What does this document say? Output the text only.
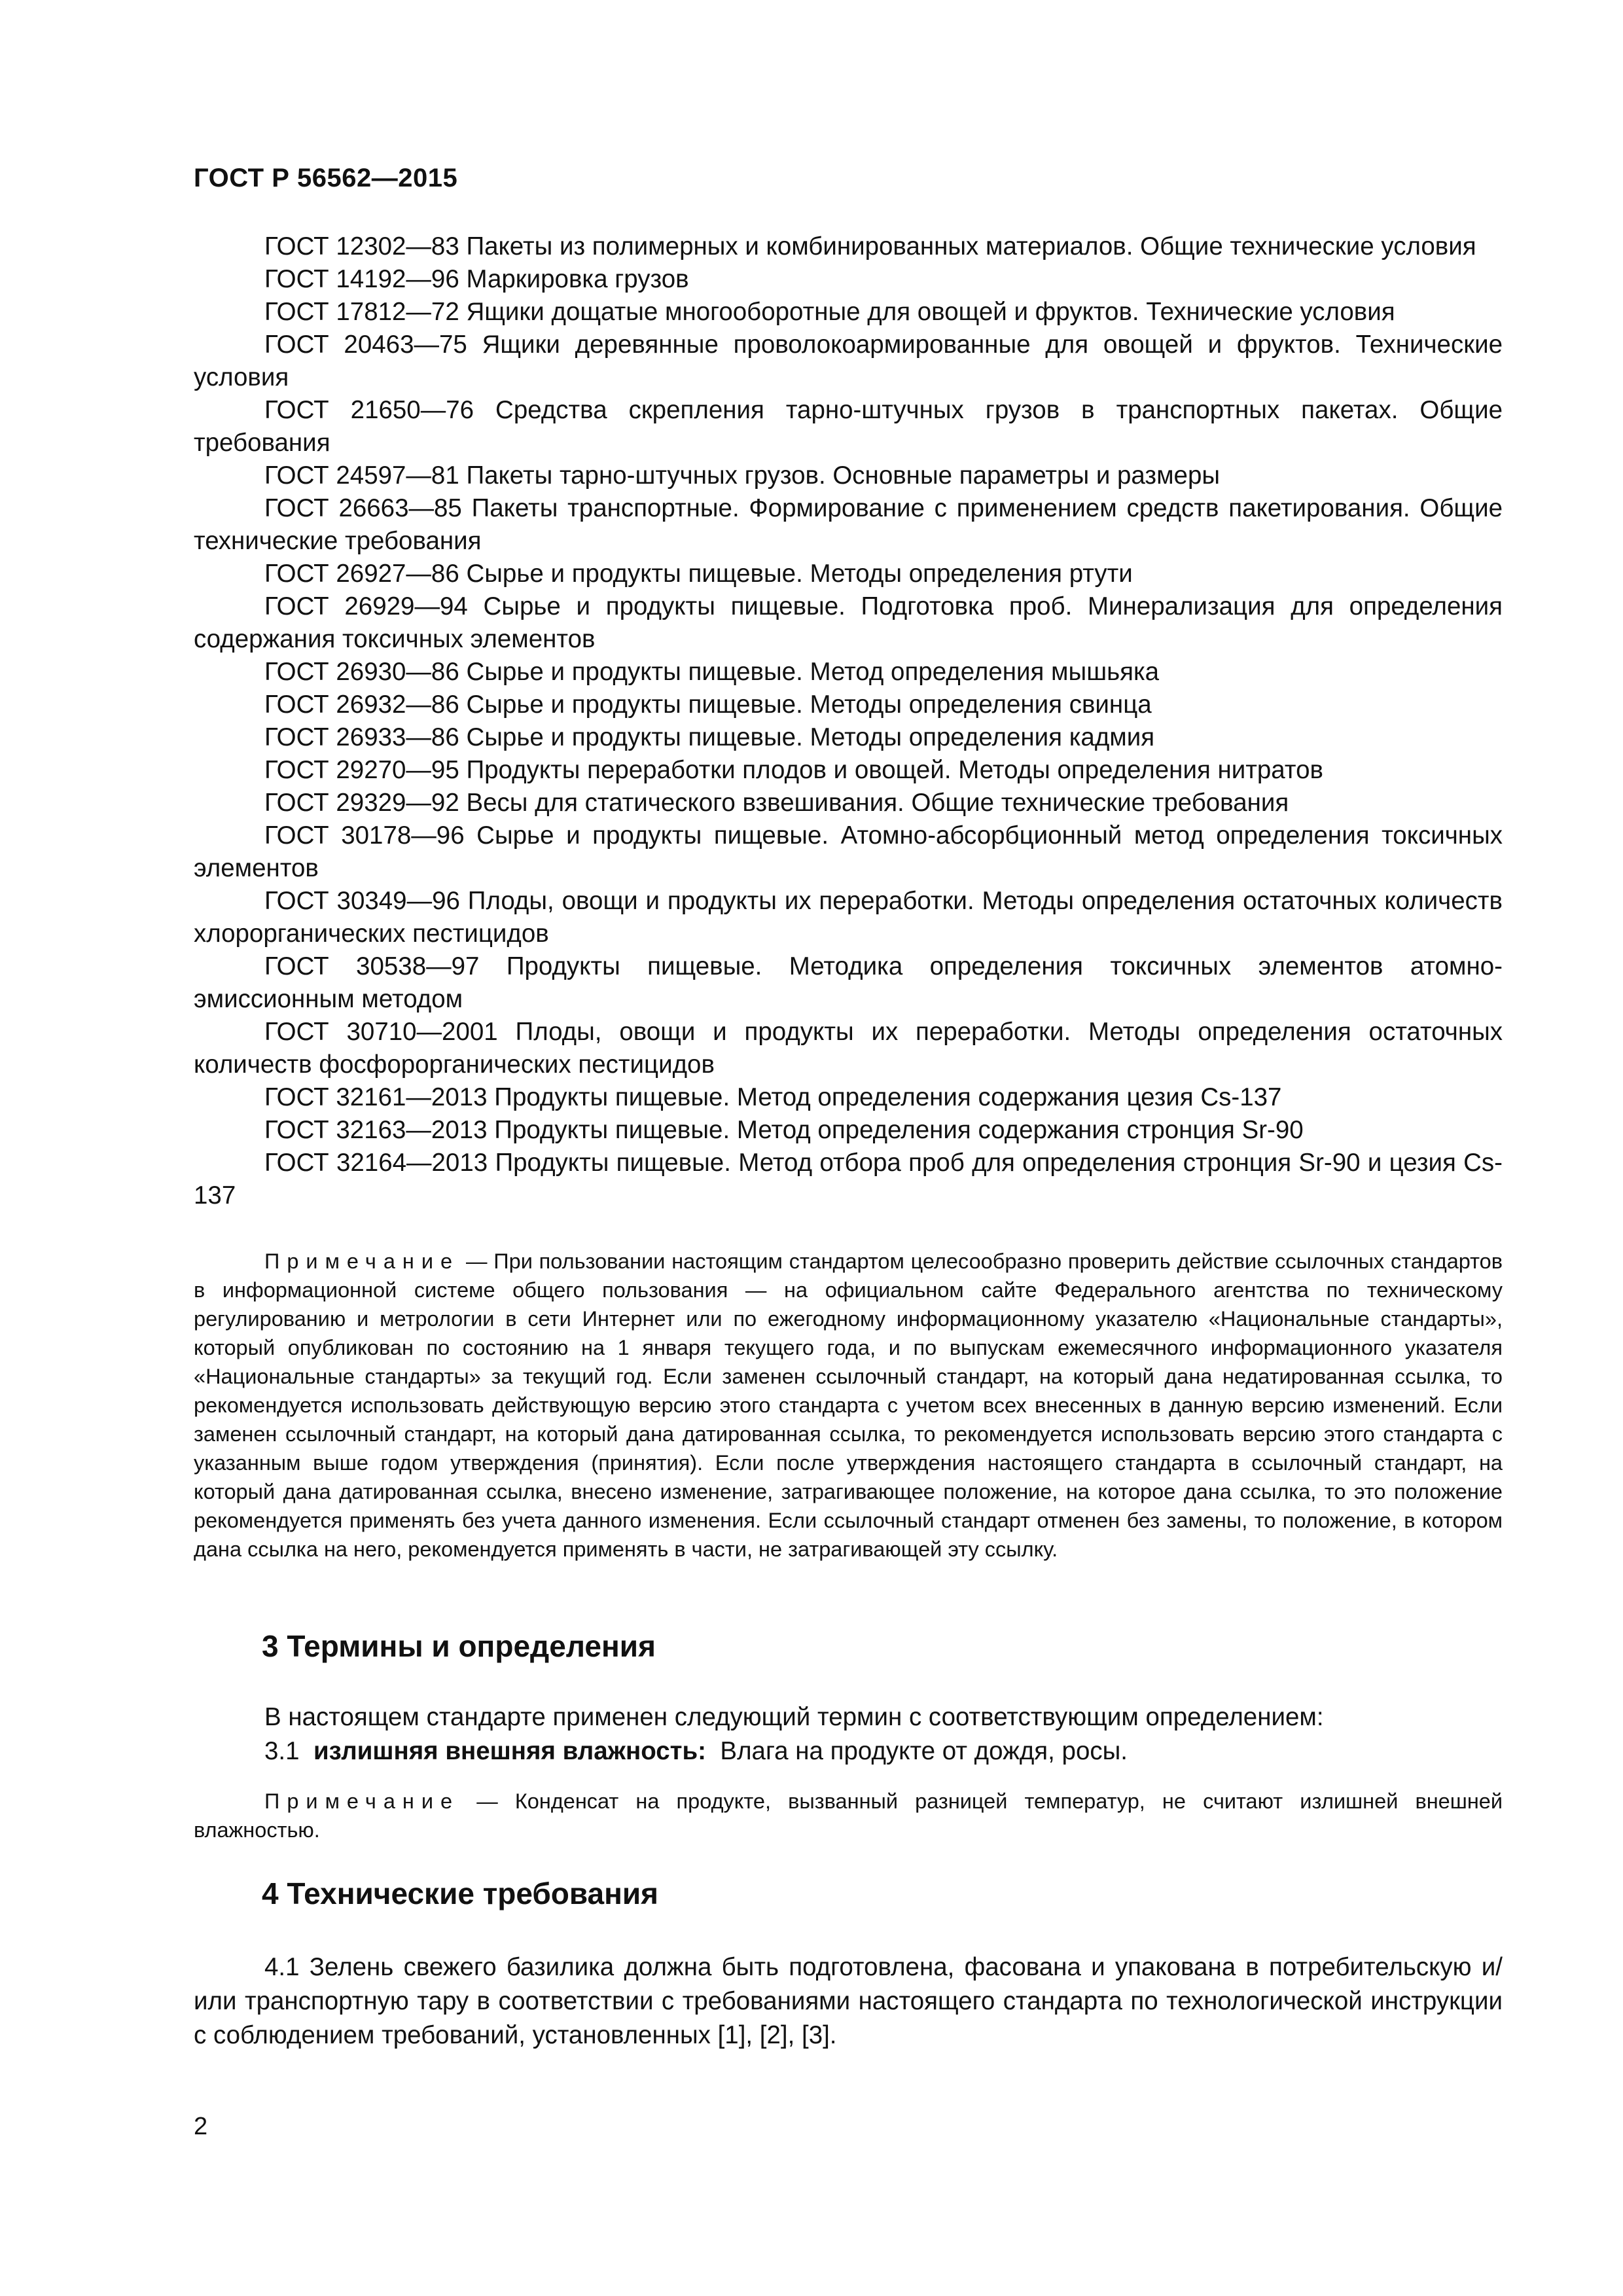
ГОСТ Р 56562—2015

ГОСТ 12302—83 Пакеты из полимерных и комбинированных материалов. Общие технические условия

ГОСТ 14192—96 Маркировка грузов

ГОСТ 17812—72 Ящики дощатые многооборотные для овощей и фруктов. Технические условия

ГОСТ 20463—75 Ящики деревянные проволокоармированные для овощей и фруктов. Технические условия

ГОСТ 21650—76 Средства скрепления тарно-штучных грузов в транспортных пакетах. Общие требования

ГОСТ 24597—81 Пакеты тарно-штучных грузов. Основные параметры и размеры

ГОСТ 26663—85 Пакеты транспортные. Формирование с применением средств пакетирования. Общие технические требования

ГОСТ 26927—86 Сырье и продукты пищевые. Методы определения ртути

ГОСТ 26929—94 Сырье и продукты пищевые. Подготовка проб. Минерализация для определения содержания токсичных элементов

ГОСТ 26930—86 Сырье и продукты пищевые. Метод определения мышьяка

ГОСТ 26932—86 Сырье и продукты пищевые. Методы определения свинца

ГОСТ 26933—86 Сырье и продукты пищевые. Методы определения кадмия

ГОСТ 29270—95 Продукты переработки плодов и овощей. Методы определения нитратов

ГОСТ 29329—92 Весы для статического взвешивания. Общие технические требования

ГОСТ 30178—96 Сырье и продукты пищевые. Атомно-абсорбционный метод определения токсичных элементов

ГОСТ 30349—96 Плоды, овощи и продукты их переработки. Методы определения остаточных количеств хлорорганических пестицидов

ГОСТ 30538—97 Продукты пищевые. Методика определения токсичных элементов атомно-эмиссионным методом

ГОСТ 30710—2001 Плоды, овощи и продукты их переработки. Методы определения остаточных количеств фосфорорганических пестицидов

ГОСТ 32161—2013 Продукты пищевые. Метод определения содержания цезия Cs-137

ГОСТ 32163—2013 Продукты пищевые. Метод определения содержания стронция Sr-90

ГОСТ 32164—2013 Продукты пищевые. Метод отбора проб для определения стронция Sr-90 и цезия Cs-137

Примечание — При пользовании настоящим стандартом целесообразно проверить действие ссылочных стандартов в информационной системе общего пользования — на официальном сайте Федерального агентства по техническому регулированию и метрологии в сети Интернет или по ежегодному информационному указателю «Национальные стандарты», который опубликован по состоянию на 1 января текущего года, и по выпускам ежемесячного информационного указателя «Национальные стандарты» за текущий год. Если заменен ссылочный стандарт, на который дана недатированная ссылка, то рекомендуется использовать действующую версию этого стандарта с учетом всех внесенных в данную версию изменений. Если заменен ссылочный стандарт, на который дана датированная ссылка, то рекомендуется использовать версию этого стандарта с указанным выше годом утверждения (принятия). Если после утверждения настоящего стандарта в ссылочный стандарт, на который дана датированная ссылка, внесено изменение, затрагивающее положение, на которое дана ссылка, то это положение рекомендуется применять без учета данного изменения. Если ссылочный стандарт отменен без замены, то положение, в котором дана ссылка на него, рекомендуется применять в части, не затрагивающей эту ссылку.

3 Термины и определения

В настоящем стандарте применен следующий термин с соответствующим определением:

3.1 излишняя внешняя влажность: Влага на продукте от дождя, росы.

Примечание — Конденсат на продукте, вызванный разницей температур, не считают излишней внешней влажностью.

4 Технические требования

4.1 Зелень свежего базилика должна быть подготовлена, фасована и упакована в потребительскую и/или транспортную тару в соответствии с требованиями настоящего стандарта по технологической инструкции с соблюдением требований, установленных [1], [2], [3].

2
